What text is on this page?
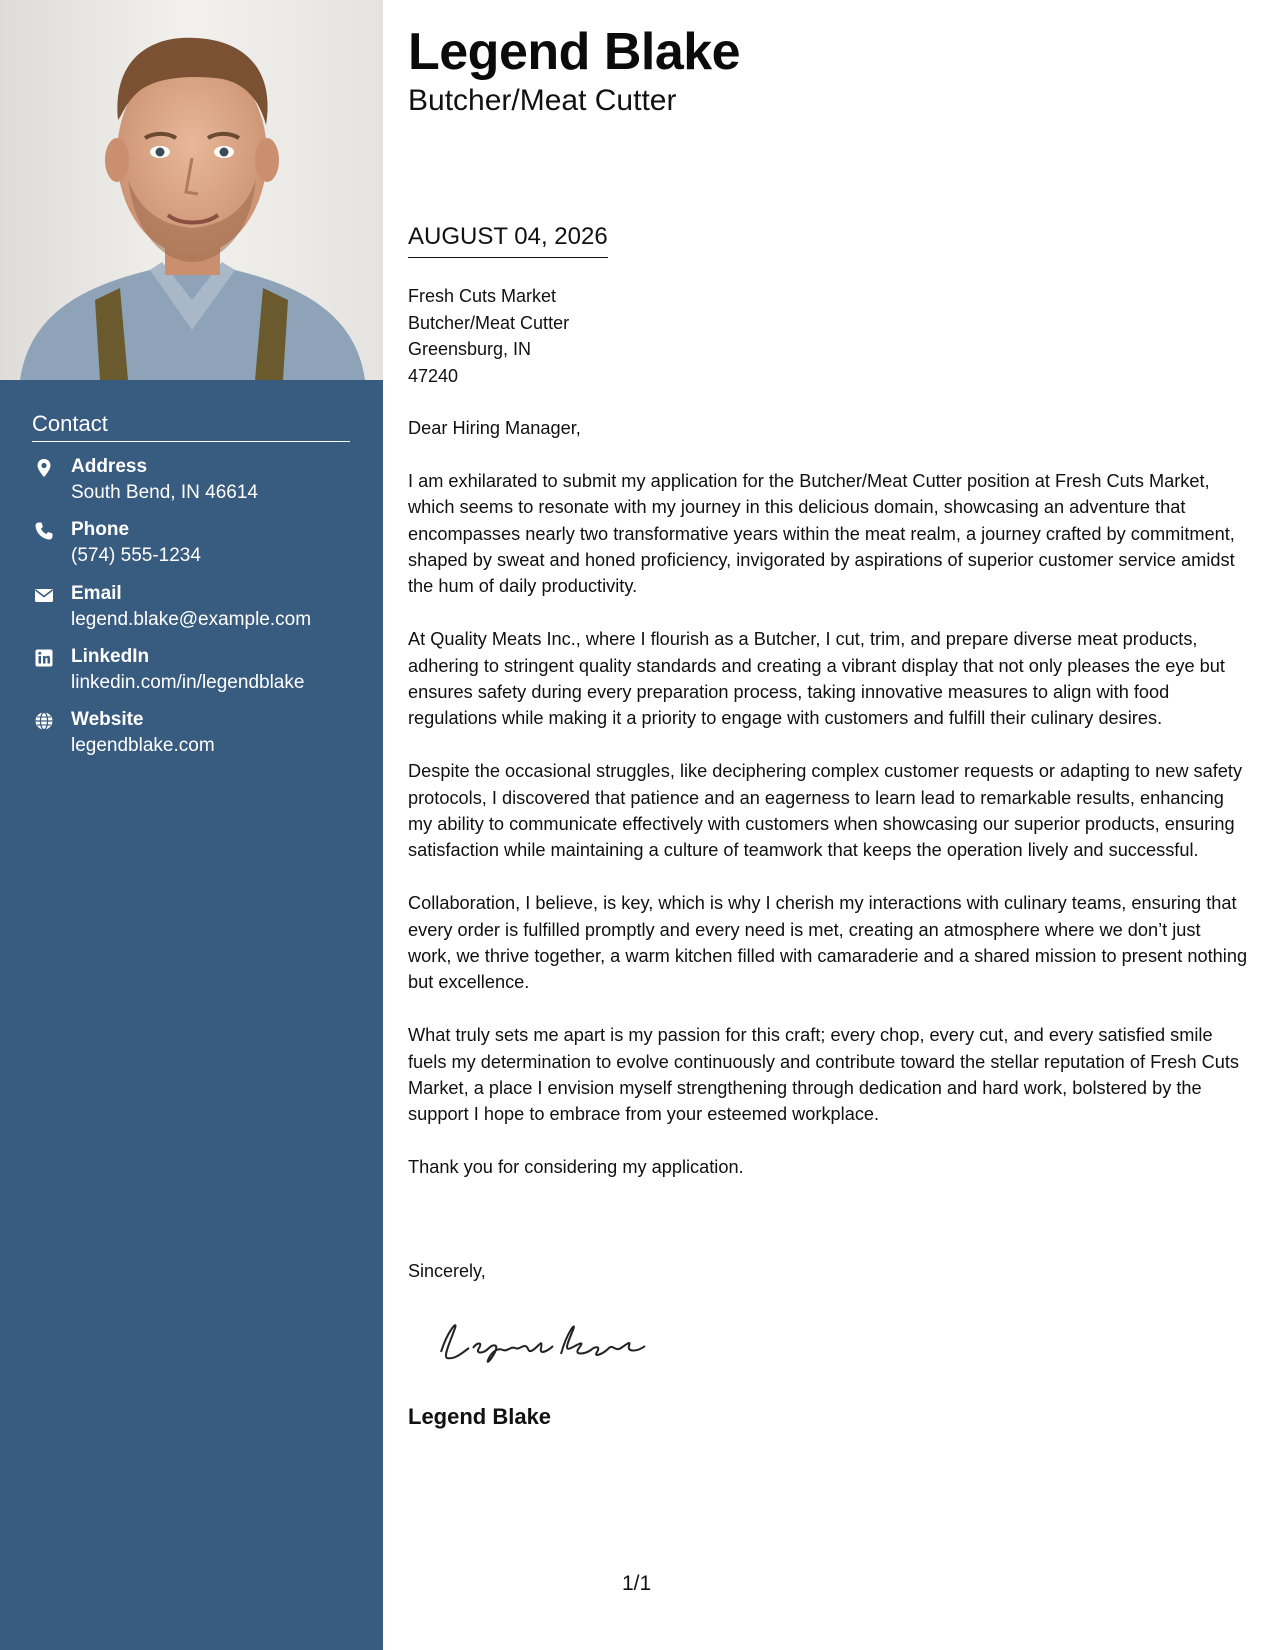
Contact
Address
South Bend, IN 46614
Phone
(574) 555-1234
Email
legend.blake@example.com
LinkedIn
linkedin.com/in/legendblake
Website
legendblake.com
Legend Blake
Butcher/Meat Cutter
AUGUST 04, 2026
Fresh Cuts Market
Butcher/Meat Cutter
Greensburg, IN
47240

Dear Hiring Manager,

I am exhilarated to submit my application for the Butcher/Meat Cutter position at Fresh Cuts Market, which seems to resonate with my journey in this delicious domain, showcasing an adventure that encompasses nearly two transformative years within the meat realm, a journey crafted by commitment, shaped by sweat and honed proficiency, invigorated by aspirations of superior customer service amidst the hum of daily productivity.

At Quality Meats Inc., where I flourish as a Butcher, I cut, trim, and prepare diverse meat products, adhering to stringent quality standards and creating a vibrant display that not only pleases the eye but ensures safety during every preparation process, taking innovative measures to align with food regulations while making it a priority to engage with customers and fulfill their culinary desires.

Despite the occasional struggles, like deciphering complex customer requests or adapting to new safety protocols, I discovered that patience and an eagerness to learn lead to remarkable results, enhancing my ability to communicate effectively with customers when showcasing our superior products, ensuring satisfaction while maintaining a culture of teamwork that keeps the operation lively and successful.

Collaboration, I believe, is key, which is why I cherish my interactions with culinary teams, ensuring that every order is fulfilled promptly and every need is met, creating an atmosphere where we don’t just work, we thrive together, a warm kitchen filled with camaraderie and a shared mission to present nothing but excellence.

What truly sets me apart is my passion for this craft; every chop, every cut, and every satisfied smile fuels my determination to evolve continuously and contribute toward the stellar reputation of Fresh Cuts Market, a place I envision myself strengthening through dedication and hard work, bolstered by the support I hope to embrace from your esteemed workplace.

Thank you for considering my application.

Sincerely,
Legend Blake
1/1
